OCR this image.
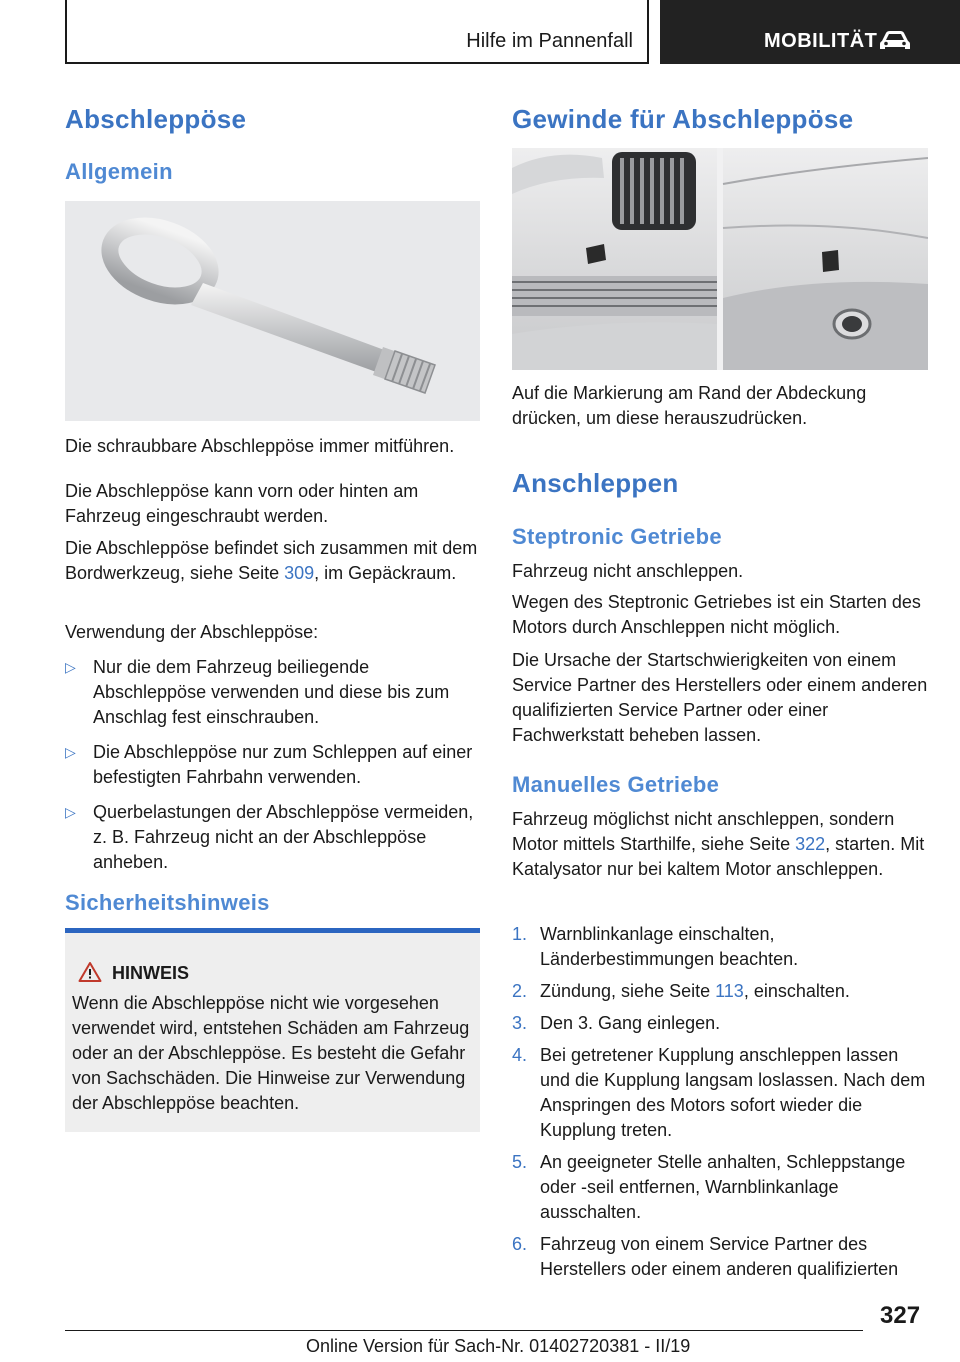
Hilfe im Pannenfall	MOBILITÄT
Abschleppöse
Allgemein
Die schraubbare Abschleppöse immer mitführen.
Die Abschleppöse kann vorn oder hinten am Fahrzeug eingeschraubt werden.
Die Abschleppöse befindet sich zusammen mit dem Bordwerkzeug, siehe Seite 309, im Gepäckraum.
Verwendung der Abschleppöse:
▷ Nur die dem Fahrzeug beiliegende Abschleppöse verwenden und diese bis zum Anschlag fest einschrauben.
▷ Die Abschleppöse nur zum Schleppen auf einer befestigten Fahrbahn verwenden.
▷ Querbelastungen der Abschleppöse vermeiden, z. B. Fahrzeug nicht an der Abschleppöse anheben.
Sicherheitshinweis
HINWEIS
Wenn die Abschleppöse nicht wie vorgesehen verwendet wird, entstehen Schäden am Fahrzeug oder an der Abschleppöse. Es besteht die Gefahr von Sachschäden. Die Hinweise zur Verwendung der Abschleppöse beachten.
Gewinde für Abschleppöse
Auf die Markierung am Rand der Abdeckung drücken, um diese herauszudrücken.
Anschleppen
Steptronic Getriebe
Fahrzeug nicht anschleppen.
Wegen des Steptronic Getriebes ist ein Starten des Motors durch Anschleppen nicht möglich.
Die Ursache der Startschwierigkeiten von einem Service Partner des Herstellers oder einem anderen qualifizierten Service Partner oder einer Fachwerkstatt beheben lassen.
Manuelles Getriebe
Fahrzeug möglichst nicht anschleppen, sondern Motor mittels Starthilfe, siehe Seite 322, starten. Mit Katalysator nur bei kaltem Motor anschleppen.
1. Warnblinkanlage einschalten, Länderbestimmungen beachten.
2. Zündung, siehe Seite 113, einschalten.
3. Den 3. Gang einlegen.
4. Bei getretener Kupplung anschleppen lassen und die Kupplung langsam loslassen. Nach dem Anspringen des Motors sofort wieder die Kupplung treten.
5. An geeigneter Stelle anhalten, Schleppstange oder -seil entfernen, Warnblinkanlage ausschalten.
6. Fahrzeug von einem Service Partner des Herstellers oder einem anderen qualifizierten
327
Online Version für Sach-Nr. 01402720381 - II/19
